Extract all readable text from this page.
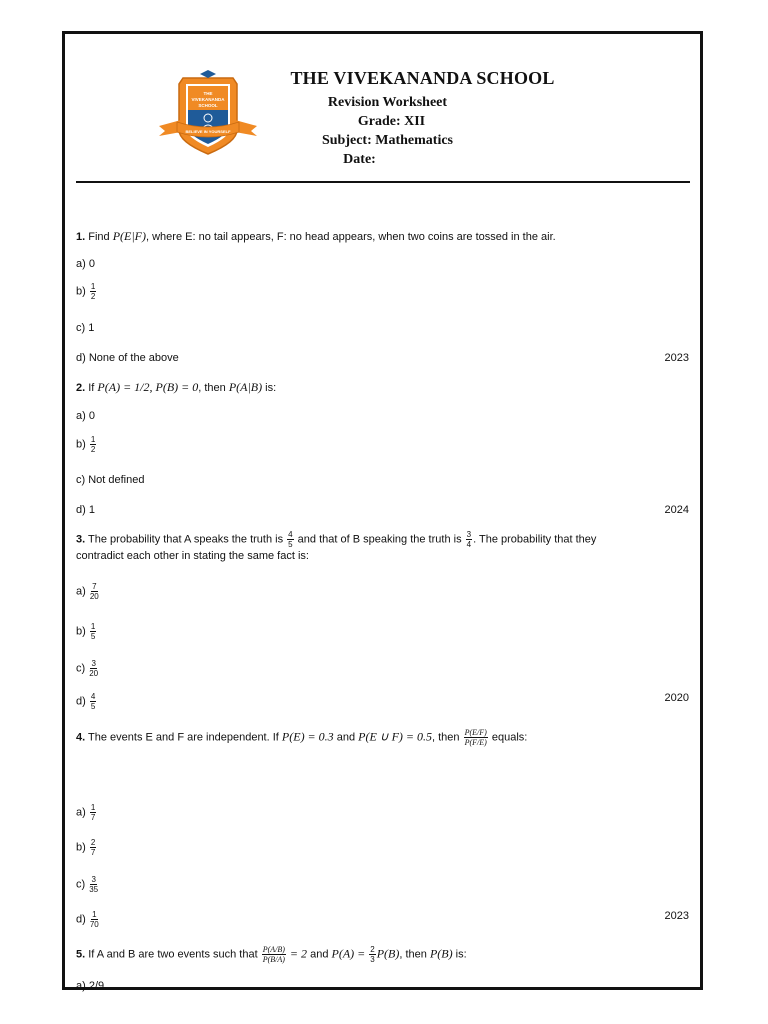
THE
VIVEKANANDA
SCHOOL
BELIEVE IN YOURSELF
THE VIVEKANANDA SCHOOL
Revision Worksheet
Grade: XII
Subject: Mathematics
Date:
1. Find P(E|F), where E: no tail appears, F: no head appears, when two coins are tossed in the air.
a) 0
$b) \frac{1}{2}$
c) 1
d) None of the above	2023
2. If P(A) = 1/2, P(B) = 0, then P(A|B) is:
a) 0
$b) \frac{1}{2}$
c) Not defined
d) 1	2024
3. The probability that A speaks the truth is $\frac{4}{5}$ and that of B speaking the truth is $\frac{3}{4}$ . The probability that they
contradict each other in stating the same fact is:
$a) \frac{7}{20}$
$b) \frac{1}{5}$
$c) \frac{3}{20}$
$d) \frac{4}{5}$	2020
4. The events E and F are independent. If P(E) = 0.3 and P(E ∪ F) = 0.5, then $\frac{P(E/F)}{P(F/E)}$ equals:
$a) \frac{1}{7}$
$b) \frac{2}{7}$
$c) \frac{3}{35}$
$d) \frac{1}{70}$	2023
5. If A and B are two events such that $\frac{P(A/B)}{P(B/A)} = 2$ and $P(A) = \frac{2}{3} P(B)$, then P(B) is:
a) 2/9
